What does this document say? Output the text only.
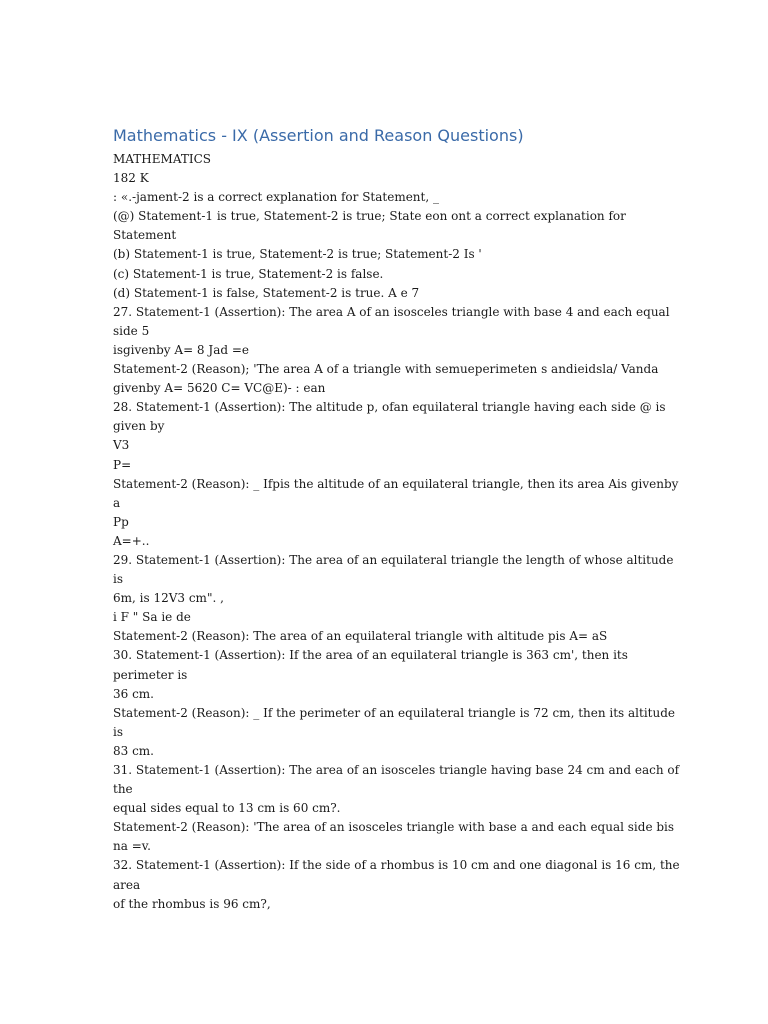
Mathematics - IX (Assertion and Reason Questions)
MATHEMATICS
182 K
: «.-jament-2 is a correct explanation for Statement, _
(@) Statement-1 is true, Statement-2 is true; State eon ont a correct explanation for
Statement
(b) Statement-1 is true, Statement-2 is true; Statement-2 Is '
(c) Statement-1 is true, Statement-2 is false.
(d) Statement-1 is false, Statement-2 is true. A e 7
27. Statement-1 (Assertion): The area A of an isosceles triangle with base 4 and each equal
side 5
isgivenby A= 8 Jad =e
Statement-2 (Reason); 'The area A of a triangle with semueperimeten s andieidsla/ Vanda
givenby A= 5620 C= VC@E)- : ean
28. Statement-1 (Assertion): The altitude p, ofan equilateral triangle having each side @ is
given by
V3
P=
Statement-2 (Reason): _ Ifpis the altitude of an equilateral triangle, then its area Ais givenby
a
Pp
A=+..
29. Statement-1 (Assertion): The area of an equilateral triangle the length of whose altitude
is
6m, is 12V3 cm". ,
i F " Sa ie de
Statement-2 (Reason): The area of an equilateral triangle with altitude pis A= aS
30. Statement-1 (Assertion): If the area of an equilateral triangle is 363 cm', then its
perimeter is
36 cm.
Statement-2 (Reason): _ If the perimeter of an equilateral triangle is 72 cm, then its altitude
is
83 cm.
31. Statement-1 (Assertion): The area of an isosceles triangle having base 24 cm and each of
the
equal sides equal to 13 cm is 60 cm?.
Statement-2 (Reason): 'The area of an isosceles triangle with base a and each equal side bis
na =v.
32. Statement-1 (Assertion): If the side of a rhombus is 10 cm and one diagonal is 16 cm, the
area
of the rhombus is 96 cm?,
